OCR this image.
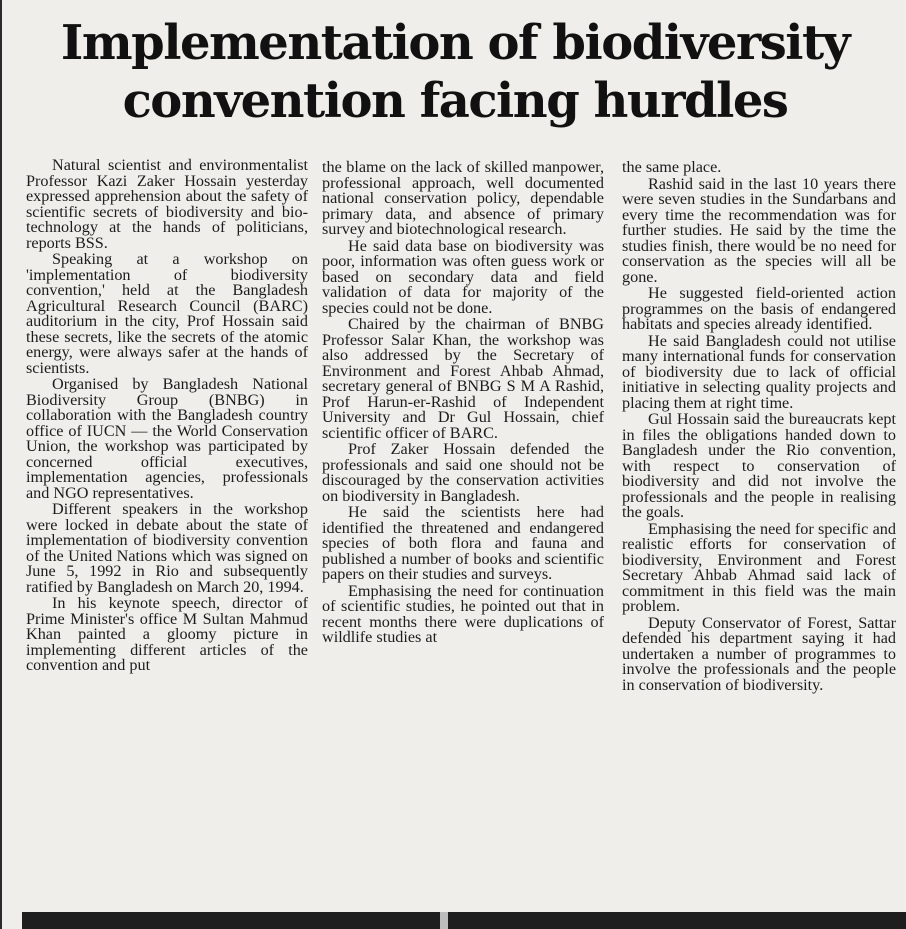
Implementation of biodiversity
convention facing hurdles

Natural scientist and environmentalist Professor Kazi Zaker Hossain yesterday expressed apprehension about the safety of scientific secrets of biodiversity and bio-technology at the hands of politicians, reports BSS.

Speaking at a workshop on 'implementation of biodiversity convention,' held at the Bangladesh Agricultural Research Council (BARC) auditorium in the city, Prof Hossain said these secrets, like the secrets of the atomic energy, were always safer at the hands of scientists.

Organised by Bangladesh National Biodiversity Group (BNBG) in collaboration with the Bangladesh country office of IUCN — the World Conservation Union, the workshop was participated by concerned official executives, implementation agencies, professionals and NGO representatives.

Different speakers in the workshop were locked in debate about the state of implementation of biodiversity convention of the United Nations which was signed on June 5, 1992 in Rio and subsequently ratified by Bangladesh on March 20, 1994.

In his keynote speech, director of Prime Minister's office M Sultan Mahmud Khan painted a gloomy picture in implementing different articles of the convention and put

the blame on the lack of skilled manpower, professional approach, well documented national conservation policy, dependable primary data, and absence of primary survey and biotechnological research.

He said data base on biodiversity was poor, information was often guess work or based on secondary data and field validation of data for majority of the species could not be done.

Chaired by the chairman of BNBG Professor Salar Khan, the workshop was also addressed by the Secretary of Environment and Forest Ahbab Ahmad, secretary general of BNBG S M A Rashid, Prof Harun-er-Rashid of Independent University and Dr Gul Hossain, chief scientific officer of BARC.

Prof Zaker Hossain defended the professionals and said one should not be discouraged by the conservation activities on biodiversity in Bangladesh.

He said the scientists here had identified the threatened and endangered species of both flora and fauna and published a number of books and scientific papers on their studies and surveys.

Emphasising the need for continuation of scientific studies, he pointed out that in recent months there were duplications of wildlife studies at

the same place.

Rashid said in the last 10 years there were seven studies in the Sundarbans and every time the recommendation was for further studies. He said by the time the studies finish, there would be no need for conservation as the species will all be gone.

He suggested field-oriented action programmes on the basis of endangered habitats and species already identified.

He said Bangladesh could not utilise many international funds for conservation of biodiversity due to lack of official initiative in selecting quality projects and placing them at right time.

Gul Hossain said the bureaucrats kept in files the obligations handed down to Bangladesh under the Rio convention, with respect to conservation of biodiversity and did not involve the professionals and the people in realising the goals.

Emphasising the need for specific and realistic efforts for conservation of biodiversity, Environment and Forest Secretary Ahbab Ahmad said lack of commitment in this field was the main problem.

Deputy Conservator of Forest, Sattar defended his department saying it had undertaken a number of programmes to involve the professionals and the people in conservation of biodiversity.
